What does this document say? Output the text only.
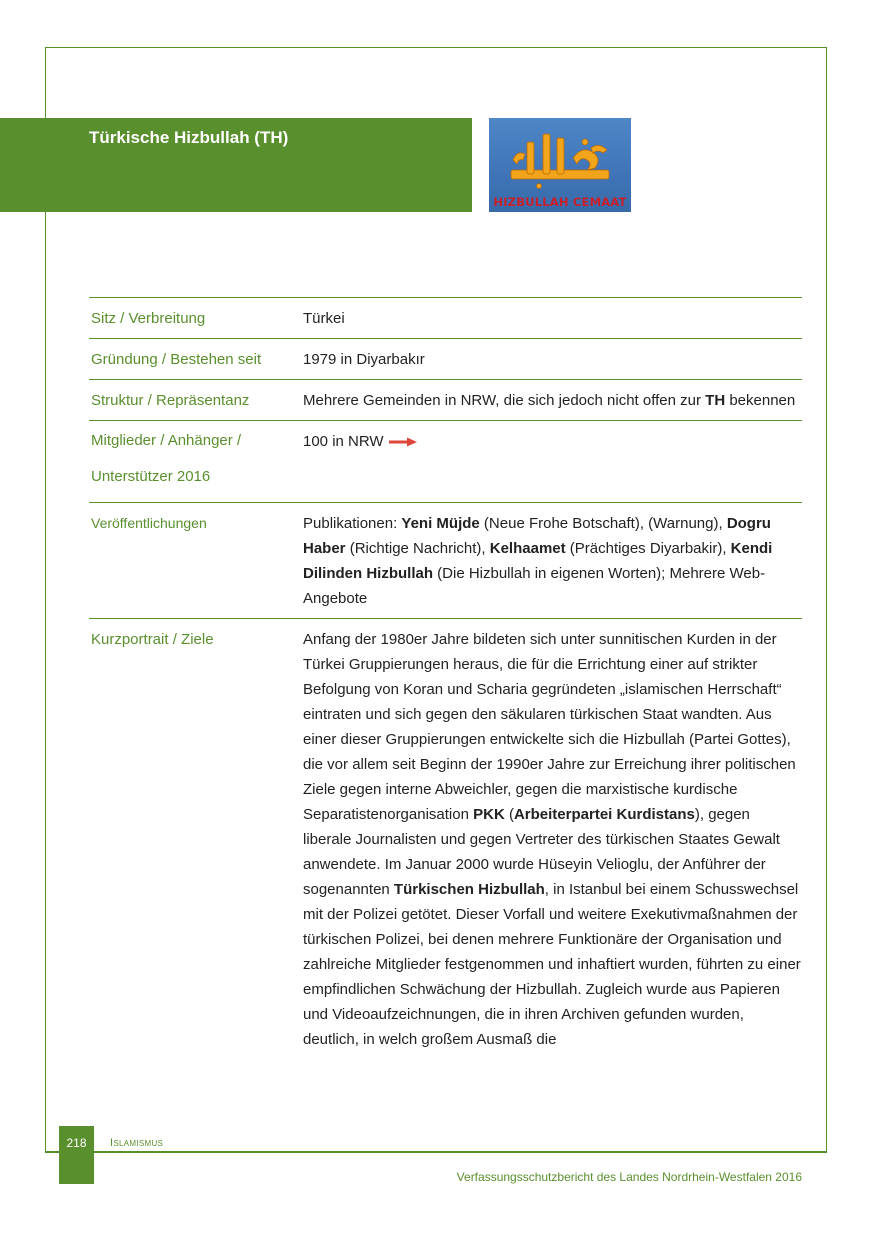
Türkische Hizbullah (TH)
HIZBULLAH CEMAAT
Sitz / Verbreitung	Türkei
Gründung / Bestehen seit	1979 in Diyarbakır
Struktur / Repräsentanz	Mehrere Gemeinden in NRW, die sich jedoch nicht offen zur TH bekennen
Mitglieder / Anhänger / Unterstützer 2016	100 in NRW
Veröffentlichungen	Publikationen: Yeni Müjde (Neue Frohe Botschaft), (Warnung), Dogru Haber (Richtige Nachricht), Kelhaamet (Prächtiges Diyarbakir), Kendi Dilinden Hizbullah (Die Hizbullah in eigenen Worten); Mehrere Web-Angebote
Kurzportrait / Ziele	Anfang der 1980er Jahre bildeten sich unter sunnitischen Kurden in der Türkei Gruppierungen heraus, die für die Errichtung einer auf strikter Befolgung von Koran und Scharia gegründeten „islamischen Herrschaft“ eintraten und sich gegen den säkularen türkischen Staat wandten. Aus einer dieser Gruppierungen entwickelte sich die Hizbullah (Partei Gottes), die vor allem seit Beginn der 1990er Jahre zur Erreichung ihrer politischen Ziele gegen interne Abweichler, gegen die marxistische kurdische Separatistenorganisation PKK (Arbeiterpartei Kurdistans), gegen liberale Journalisten und gegen Vertreter des türkischen Staates Gewalt anwendete. Im Januar 2000 wurde Hüseyin Velioglu, der Anführer der sogenannten Türkischen Hizbullah, in Istanbul bei einem Schusswechsel mit der Polizei getötet. Dieser Vorfall und weitere Exekutivmaßnahmen der türkischen Polizei, bei denen mehrere Funktionäre der Organisation und zahlreiche Mitglieder festgenommen und inhaftiert wurden, führten zu einer empfindlichen Schwächung der Hizbullah. Zugleich wurde aus Papieren und Videoaufzeichnungen, die in ihren Archiven gefunden wurden, deutlich, in welch großem Ausmaß die
218	Islamismus
Verfassungsschutzbericht des Landes Nordrhein-Westfalen 2016
